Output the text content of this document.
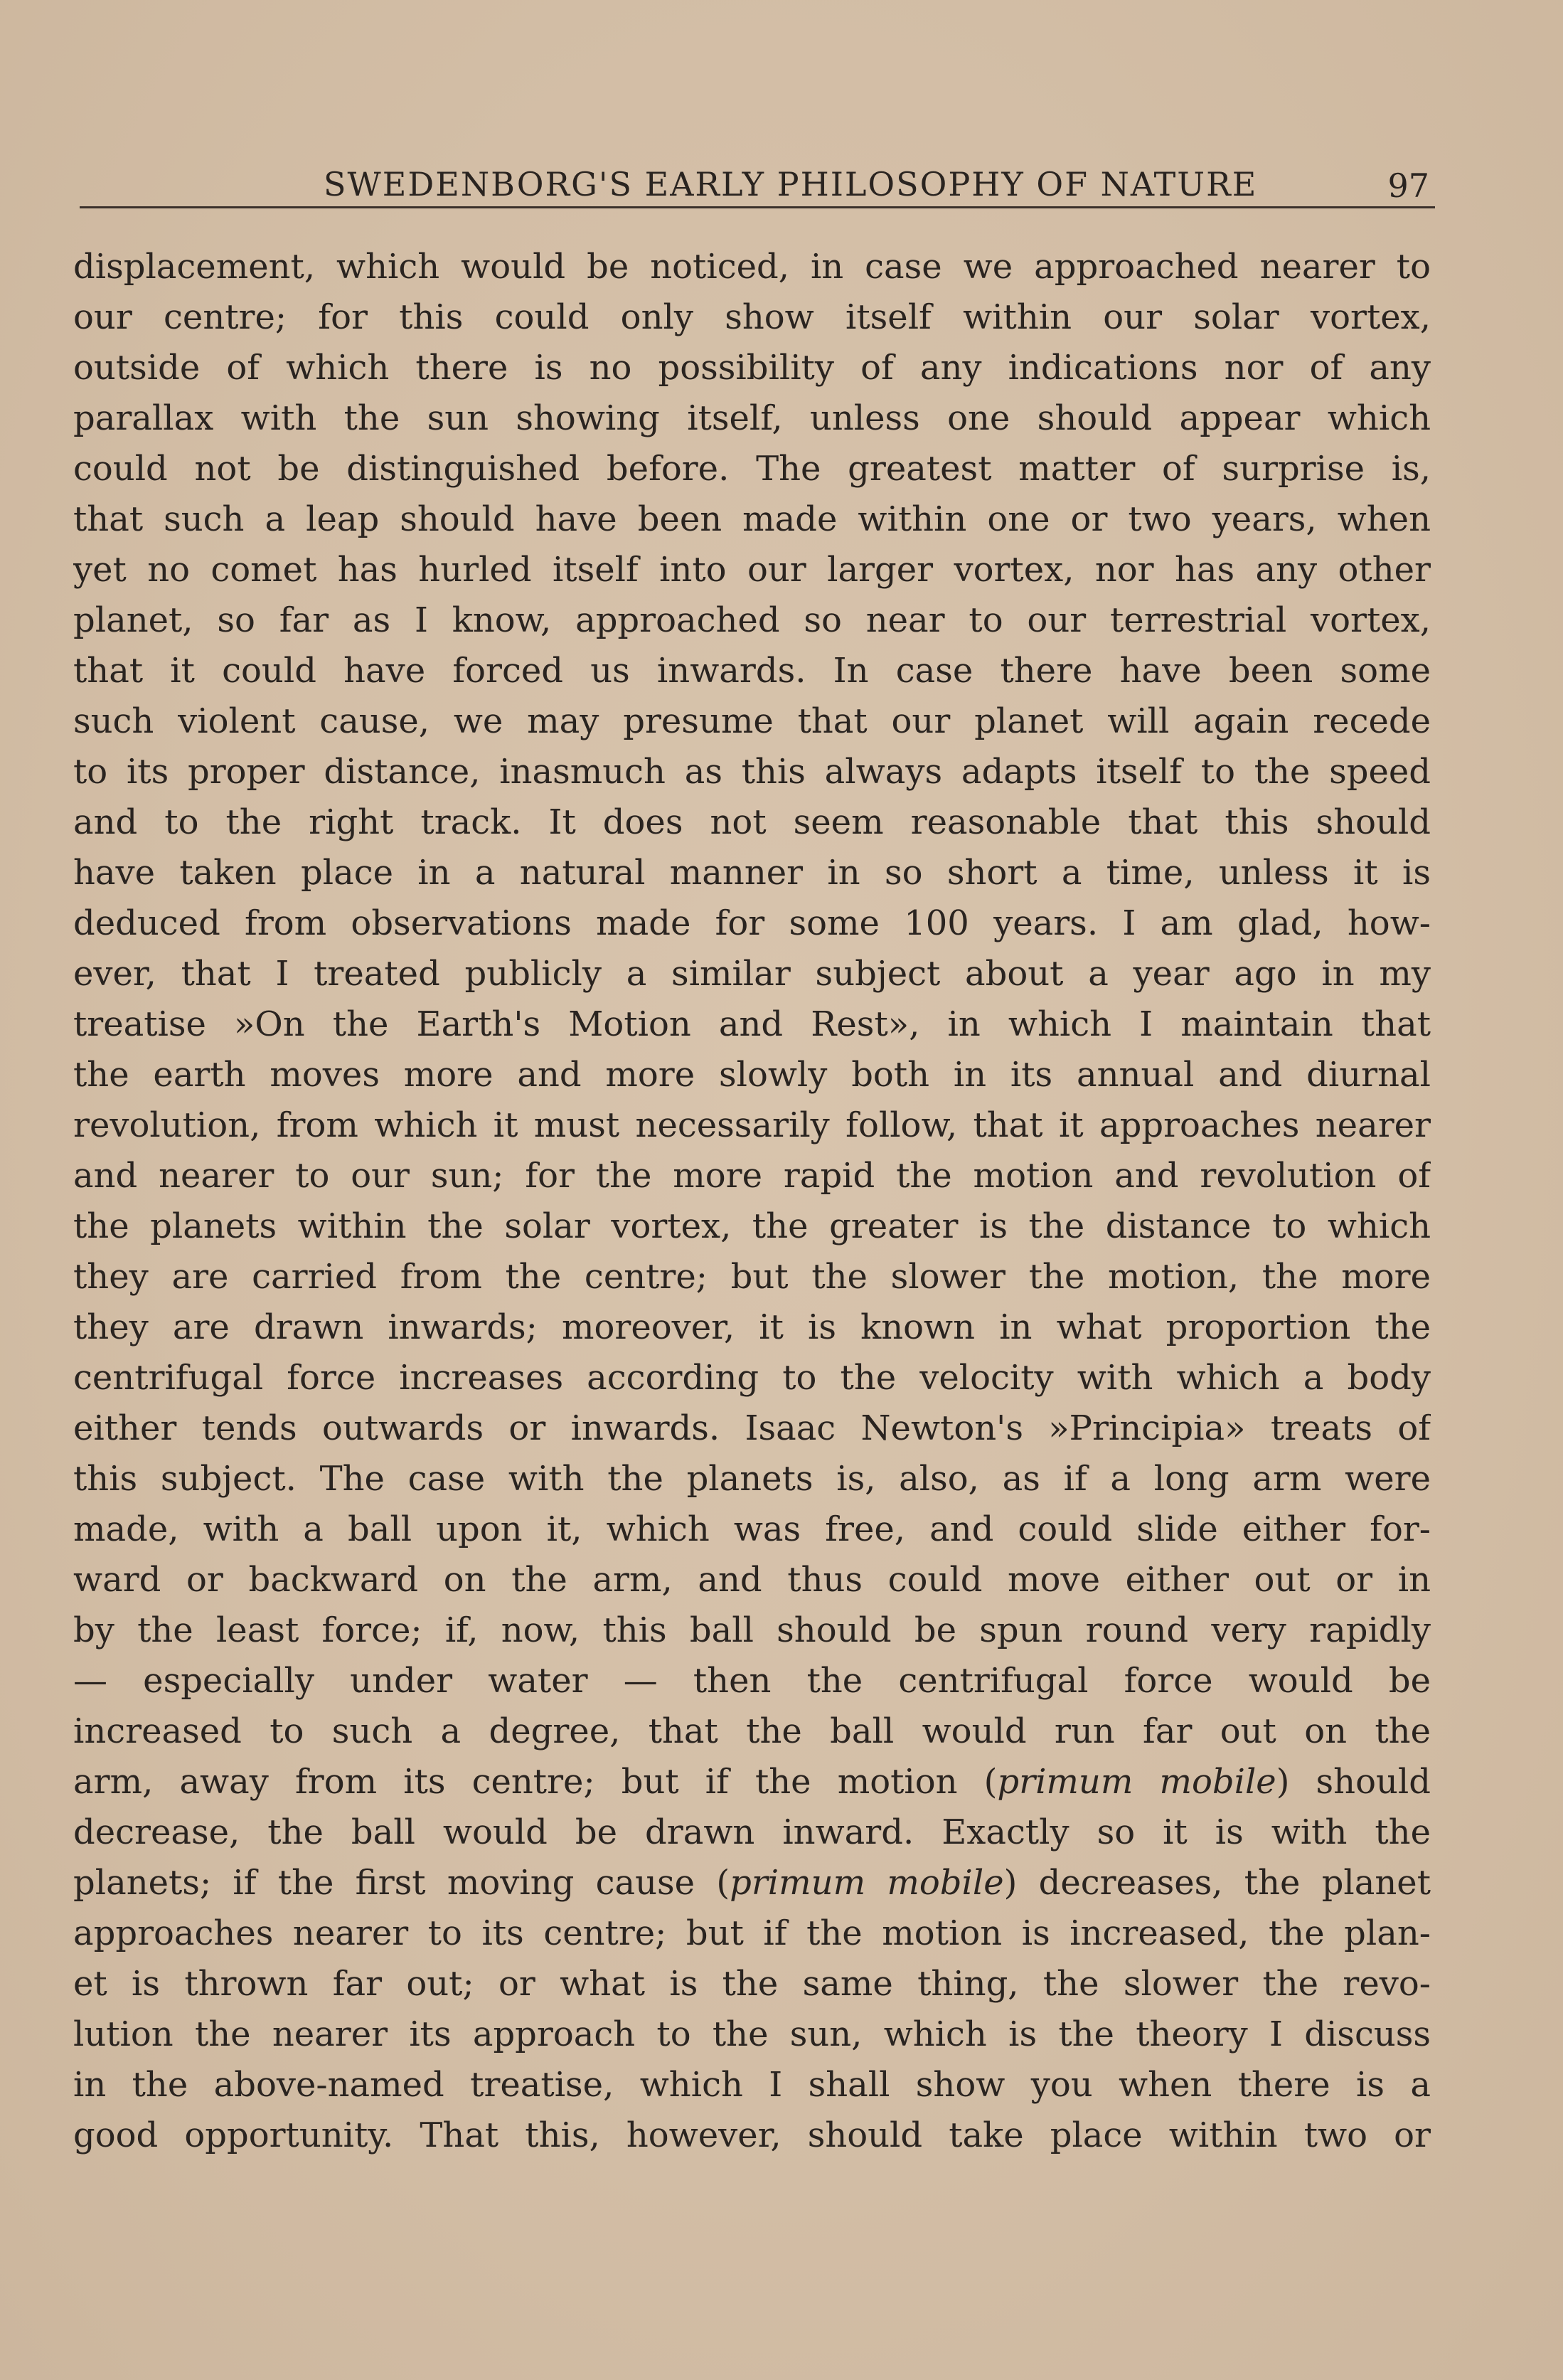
SWEDENBORG'S EARLY PHILOSOPHY OF NATURE	97
displacement, which would be noticed, in case we approached nearer to
our centre; for this could only show itself within our solar vortex,
outside of which there is no possibility of any indications nor of any
parallax with the sun showing itself, unless one should appear which
could not be distinguished before. The greatest matter of surprise is,
that such a leap should have been made within one or two years, when
yet no comet has hurled itself into our larger vortex, nor has any other
planet, so far as I know, approached so near to our terrestrial vortex,
that it could have forced us inwards. In case there have been some
such violent cause, we may presume that our planet will again recede
to its proper distance, inasmuch as this always adapts itself to the speed
and to the right track. It does not seem reasonable that this should
have taken place in a natural manner in so short a time, unless it is
deduced from observations made for some 100 years. I am glad, how-
ever, that I treated publicly a similar subject about a year ago in my
treatise »On the Earth's Motion and Rest», in which I maintain that
the earth moves more and more slowly both in its annual and diurnal
revolution, from which it must necessarily follow, that it approaches nearer
and nearer to our sun; for the more rapid the motion and revolution of
the planets within the solar vortex, the greater is the distance to which
they are carried from the centre; but the slower the motion, the more
they are drawn inwards; moreover, it is known in what proportion the
centrifugal force increases according to the velocity with which a body
either tends outwards or inwards. Isaac Newton's »Principia» treats of
this subject. The case with the planets is, also, as if a long arm were
made, with a ball upon it, which was free, and could slide either for-
ward or backward on the arm, and thus could move either out or in
by the least force; if, now, this ball should be spun round very rapidly
— especially under water — then the centrifugal force would be
increased to such a degree, that the ball would run far out on the
arm, away from its centre; but if the motion (primum mobile) should
decrease, the ball would be drawn inward. Exactly so it is with the
planets; if the first moving cause (primum mobile) decreases, the planet
approaches nearer to its centre; but if the motion is increased, the plan-
et is thrown far out; or what is the same thing, the slower the revo-
lution the nearer its approach to the sun, which is the theory I discuss
in the above-named treatise, which I shall show you when there is a
good opportunity. That this, however, should take place within two or
